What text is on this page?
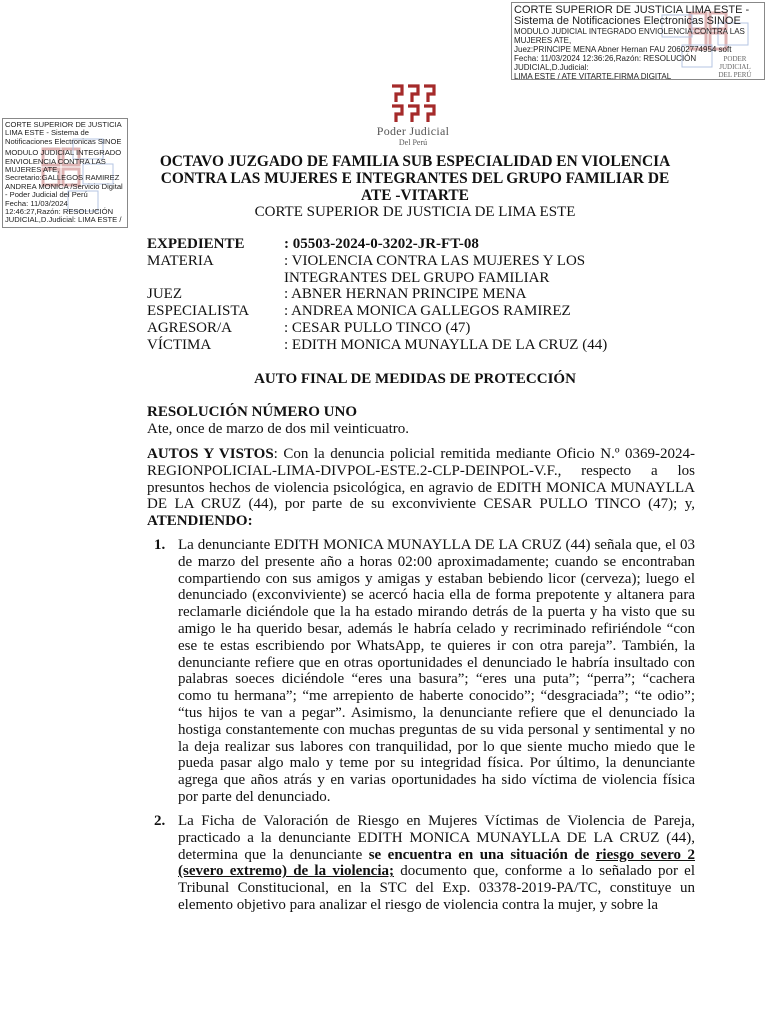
CORTE SUPERIOR DE JUSTICIA LIMA ESTE -
Sistema de Notificaciones Electronicas SINOE
MODULO JUDICIAL INTEGRADO ENVIOLENCIA CONTRA LAS MUJERES ATE,
Juez:PRINCIPE MENA Abner Hernan FAU 20602774954 soft
Fecha: 11/03/2024 12:36:26,Razón: RESOLUCIÓN JUDICIAL,D.Judicial:
LIMA ESTE / ATE VITARTE,FIRMA DIGITAL
PODER JUDICIAL
DEL PERÚ
CORTE SUPERIOR DE JUSTICIA LIMA ESTE - Sistema de Notificaciones Electronicas SINOE
MODULO JUDICIAL INTEGRADO ENVIOLENCIA CONTRA LAS MUJERES ATE,
Secretario:GALLEGOS RAMIREZ ANDREA MONICA /Servicio Digital - Poder Judicial del Perú
Fecha: 11/03/2024 12:46:27,Razón: RESOLUCIÓN JUDICIAL,D.Judicial: LIMA ESTE /
Poder Judicial
Del Perú
OCTAVO JUZGADO DE FAMILIA SUB ESPECIALIDAD EN VIOLENCIA
CONTRA LAS MUJERES E INTEGRANTES DEL GRUPO FAMILIAR DE
ATE -VITARTE
CORTE SUPERIOR DE JUSTICIA DE LIMA ESTE
EXPEDIENTE	: 05503-2024-0-3202-JR-FT-08
MATERIA	: VIOLENCIA CONTRA LAS MUJERES Y LOS
INTEGRANTES DEL GRUPO FAMILIAR
JUEZ	: ABNER HERNAN PRINCIPE MENA
ESPECIALISTA	: ANDREA MONICA GALLEGOS RAMIREZ
AGRESOR/A	: CESAR PULLO TINCO (47)
VÍCTIMA	: EDITH MONICA MUNAYLLA DE LA CRUZ (44)
AUTO FINAL DE MEDIDAS DE PROTECCIÓN
RESOLUCIÓN NÚMERO UNO
Ate, once de marzo de dos mil veinticuatro.
AUTOS Y VISTOS: Con la denuncia policial remitida mediante Oficio N.º 0369-2024-REGIONPOLICIAL-LIMA-DIVPOL-ESTE.2-CLP-DEINPOL-V.F., respecto a los presuntos hechos de violencia psicológica, en agravio de EDITH MONICA MUNAYLLA DE LA CRUZ (44), por parte de su exconviviente CESAR PULLO TINCO (47); y, ATENDIENDO:
1. La denunciante EDITH MONICA MUNAYLLA DE LA CRUZ (44) señala que, el 03 de marzo del presente año a horas 02:00 aproximadamente; cuando se encontraban compartiendo con sus amigos y amigas y estaban bebiendo licor (cerveza); luego el denunciado (exconviviente) se acercó hacia ella de forma prepotente y altanera para reclamarle diciéndole que la ha estado mirando detrás de la puerta y ha visto que su amigo le ha querido besar, además le habría celado y recriminado refiriéndole “con ese te estas escribiendo por WhatsApp, te quieres ir con otra pareja”. También, la denunciante refiere que en otras oportunidades el denunciado le habría insultado con palabras soeces diciéndole “eres una basura”; “eres una puta”; “perra”; “cachera como tu hermana”; “me arrepiento de haberte conocido”; “desgraciada”; “te odio”; “tus hijos te van a pegar”. Asimismo, la denunciante refiere que el denunciado la hostiga constantemente con muchas preguntas de su vida personal y sentimental y no la deja realizar sus labores con tranquilidad, por lo que siente mucho miedo que le pueda pasar algo malo y teme por su integridad física. Por último, la denunciante agrega que años atrás y en varias oportunidades ha sido víctima de violencia física por parte del denunciado.
2. La Ficha de Valoración de Riesgo en Mujeres Víctimas de Violencia de Pareja, practicado a la denunciante EDITH MONICA MUNAYLLA DE LA CRUZ (44), determina que la denunciante se encuentra en una situación de riesgo severo 2 (severo extremo) de la violencia; documento que, conforme a lo señalado por el Tribunal Constitucional, en la STC del Exp. 03378-2019-PA/TC, constituye un elemento objetivo para analizar el riesgo de violencia contra la mujer, y sobre la
